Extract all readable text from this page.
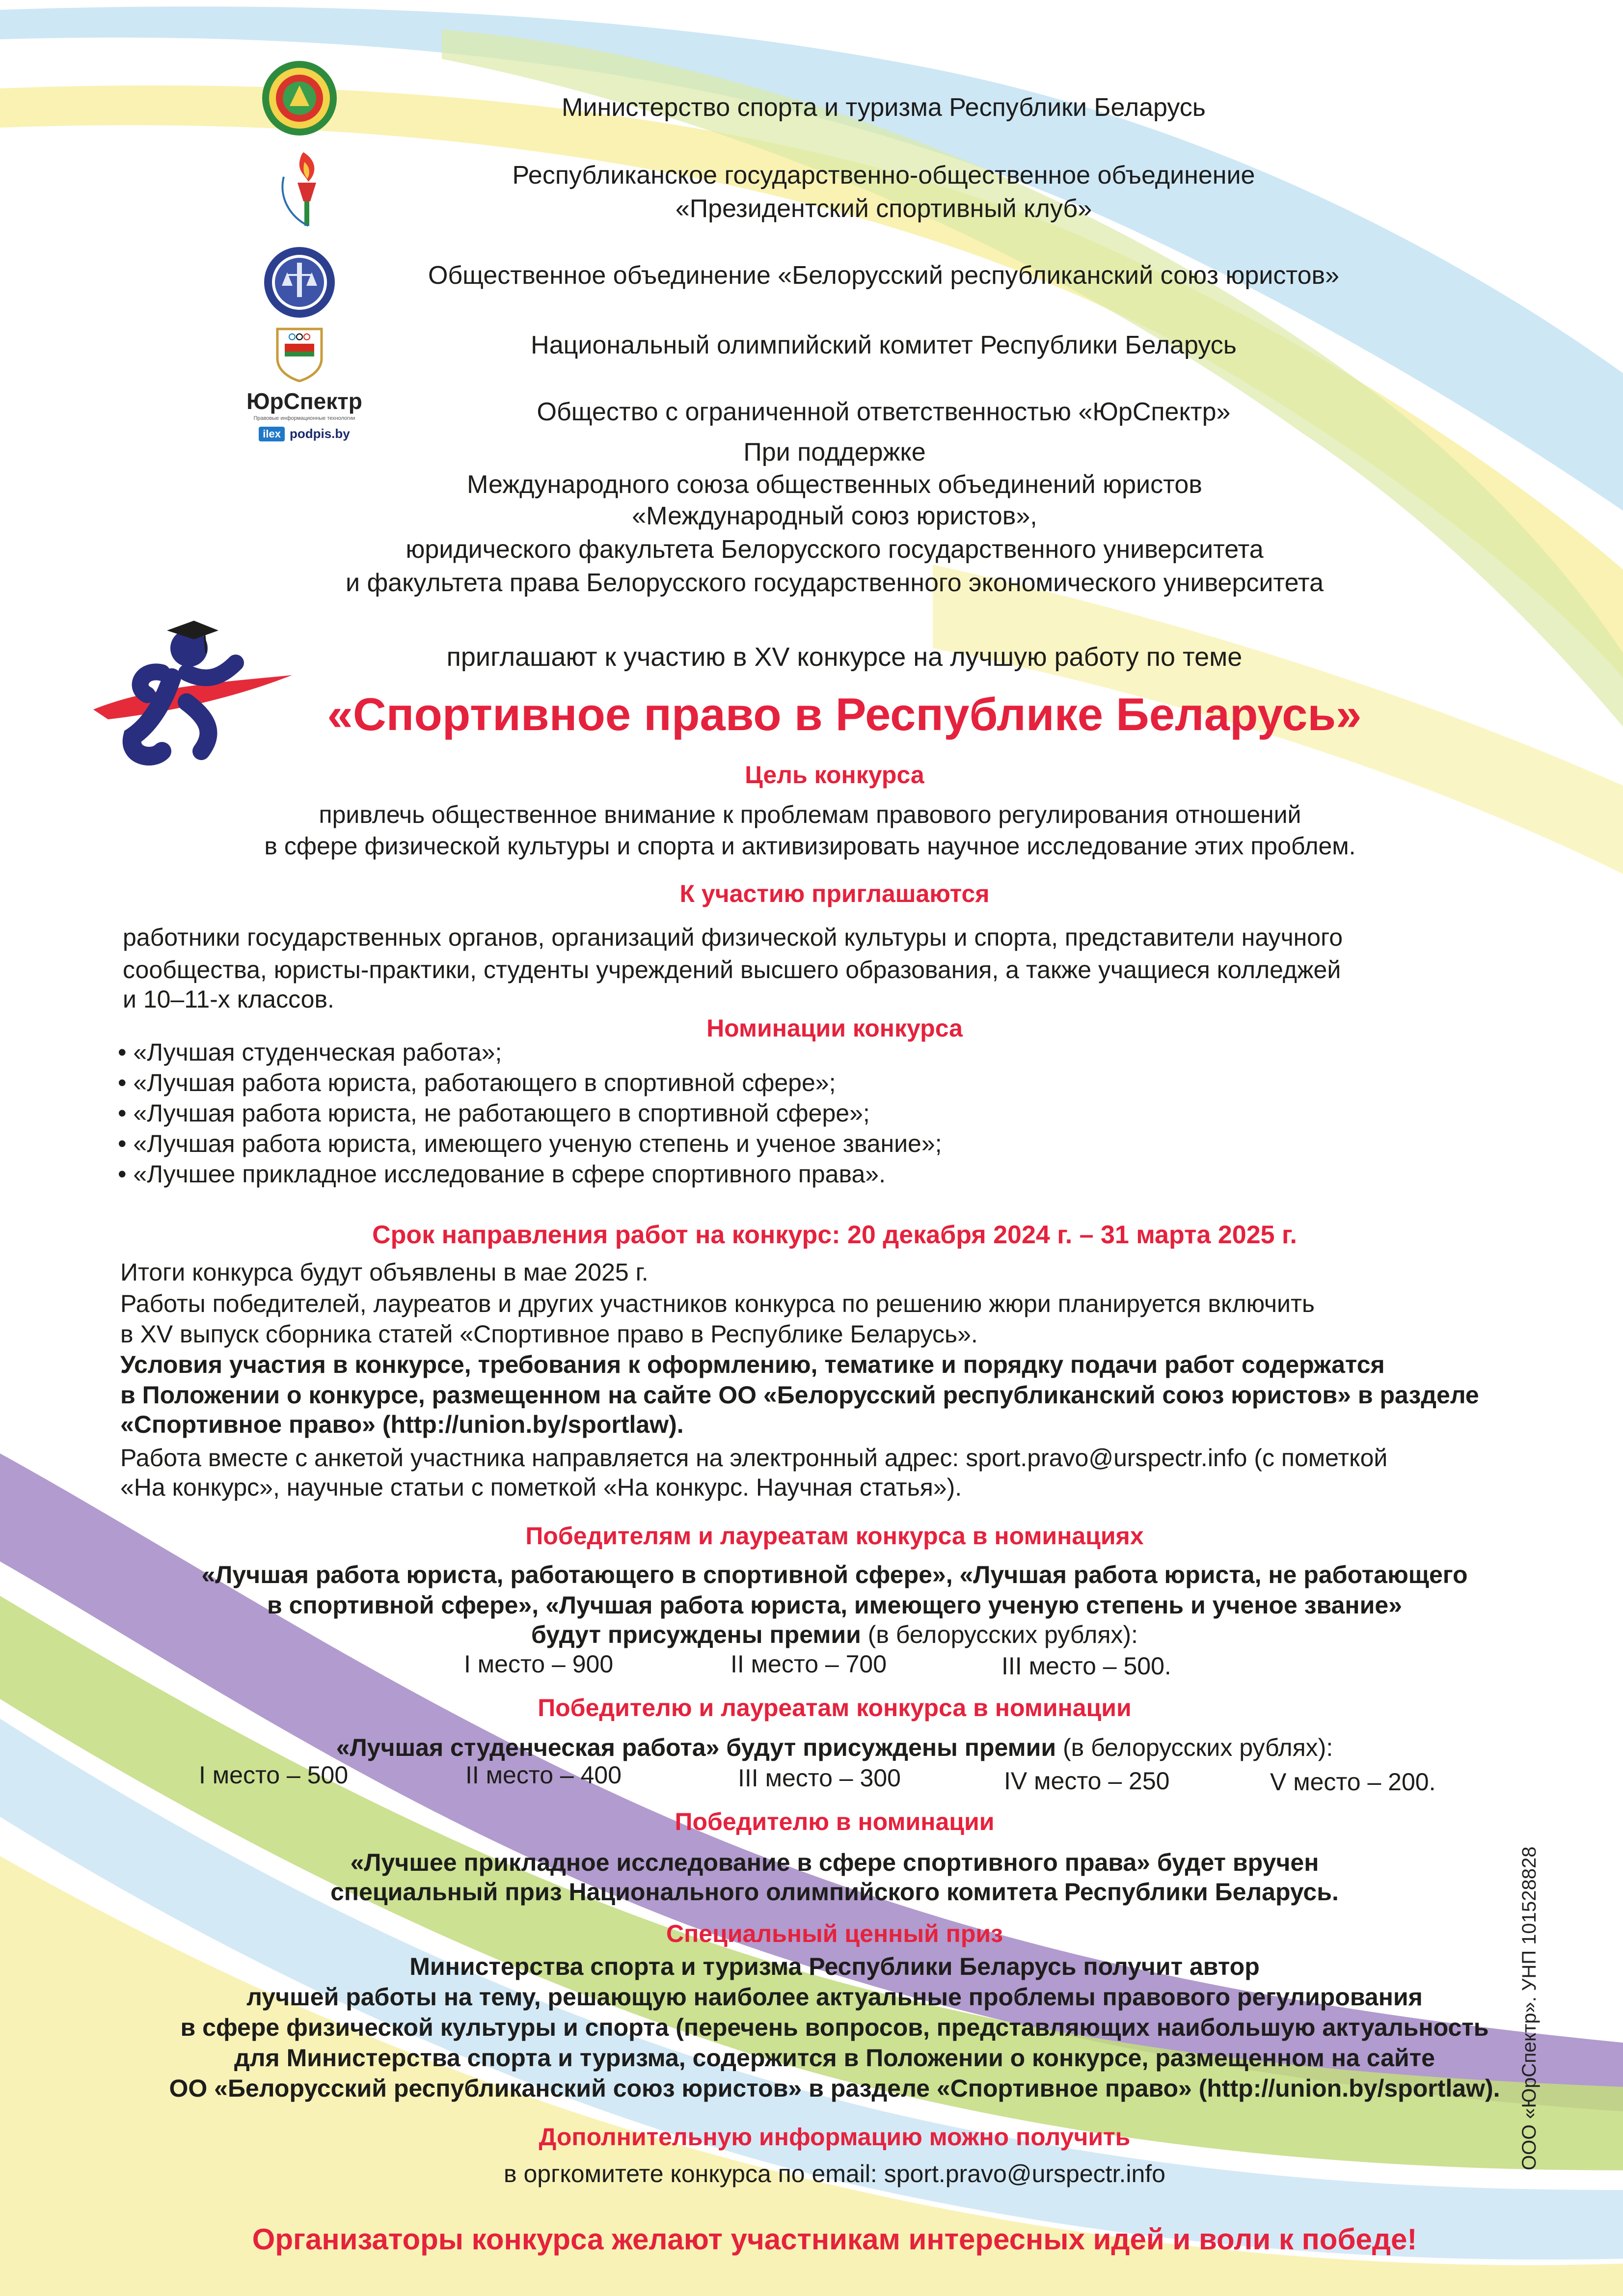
ЮрСпектр
Правовые информационные технологии
ilex podpis.by
Министерство спорта и туризма Республики Беларусь
Республиканское государственно-общественное объединение
«Президентский спортивный клуб»
Общественное объединение «Белорусский республиканский союз юристов»
Национальный олимпийский комитет Республики Беларусь
Общество с ограниченной ответственностью «ЮрСпектр»
При поддержке
Международного союза общественных объединений юристов
«Международный союз юристов»,
юридического факультета Белорусского государственного университета
и факультета права Белорусского государственного экономического университета
приглашают к участию в XV конкурсе на лучшую работу по теме
«Спортивное право в Республике Беларусь»
Цель конкурса
привлечь общественное внимание к проблемам правового регулирования отношений
в сфере физической культуры и спорта и активизировать научное исследование этих проблем.
К участию приглашаются
работники государственных органов, организаций физической культуры и спорта, представители научного
сообщества, юристы-практики, студенты учреждений высшего образования, а также учащиеся колледжей
и 10–11-х классов.
Номинации конкурса
• «Лучшая студенческая работа»;
• «Лучшая работа юриста, работающего в спортивной сфере»;
• «Лучшая работа юриста, не работающего в спортивной сфере»;
• «Лучшая работа юриста, имеющего ученую степень и ученое звание»;
• «Лучшее прикладное исследование в сфере спортивного права».
Срок направления работ на конкурс: 20 декабря 2024 г. – 31 марта 2025 г.
Итоги конкурса будут объявлены в мае 2025 г.
Работы победителей, лауреатов и других участников конкурса по решению жюри планируется включить
в XV выпуск сборника статей «Спортивное право в Республике Беларусь».
Условия участия в конкурсе, требования к оформлению, тематике и порядку подачи работ содержатся
в Положении о конкурсе, размещенном на сайте ОО «Белорусский республиканский союз юристов» в разделе
«Спортивное право» (http://union.by/sportlaw).
Работа вместе с анкетой участника направляется на электронный адрес: sport.pravo@urspectr.info (с пометкой
«На конкурс», научные статьи с пометкой «На конкурс. Научная статья»).
Победителям и лауреатам конкурса в номинациях
«Лучшая работа юриста, работающего в спортивной сфере», «Лучшая работа юриста, не работающего
в спортивной сфере», «Лучшая работа юриста, имеющего ученую степень и ученое звание»
будут присуждены премии (в белорусских рублях):
I место – 900	II место – 700	III место – 500.
Победителю и лауреатам конкурса в номинации
«Лучшая студенческая работа» будут присуждены премии (в белорусских рублях):
I место – 500	II место – 400	III место – 300	IV место – 250	V место – 200.
Победителю в номинации
«Лучшее прикладное исследование в сфере спортивного права» будет вручен
специальный приз Национального олимпийского комитета Республики Беларусь.
Специальный ценный приз
Министерства спорта и туризма Республики Беларусь получит автор
лучшей работы на тему, решающую наиболее актуальные проблемы правового регулирования
в сфере физической культуры и спорта (перечень вопросов, представляющих наибольшую актуальность
для Министерства спорта и туризма, содержится в Положении о конкурсе, размещенном на сайте
ОО «Белорусский республиканский союз юристов» в разделе «Спортивное право» (http://union.by/sportlaw).
Дополнительную информацию можно получить
в оргкомитете конкурса по email: sport.pravo@urspectr.info
Организаторы конкурса желают участникам интересных идей и воли к победе!
ООО «ЮрСпектр». УНП 101528828
